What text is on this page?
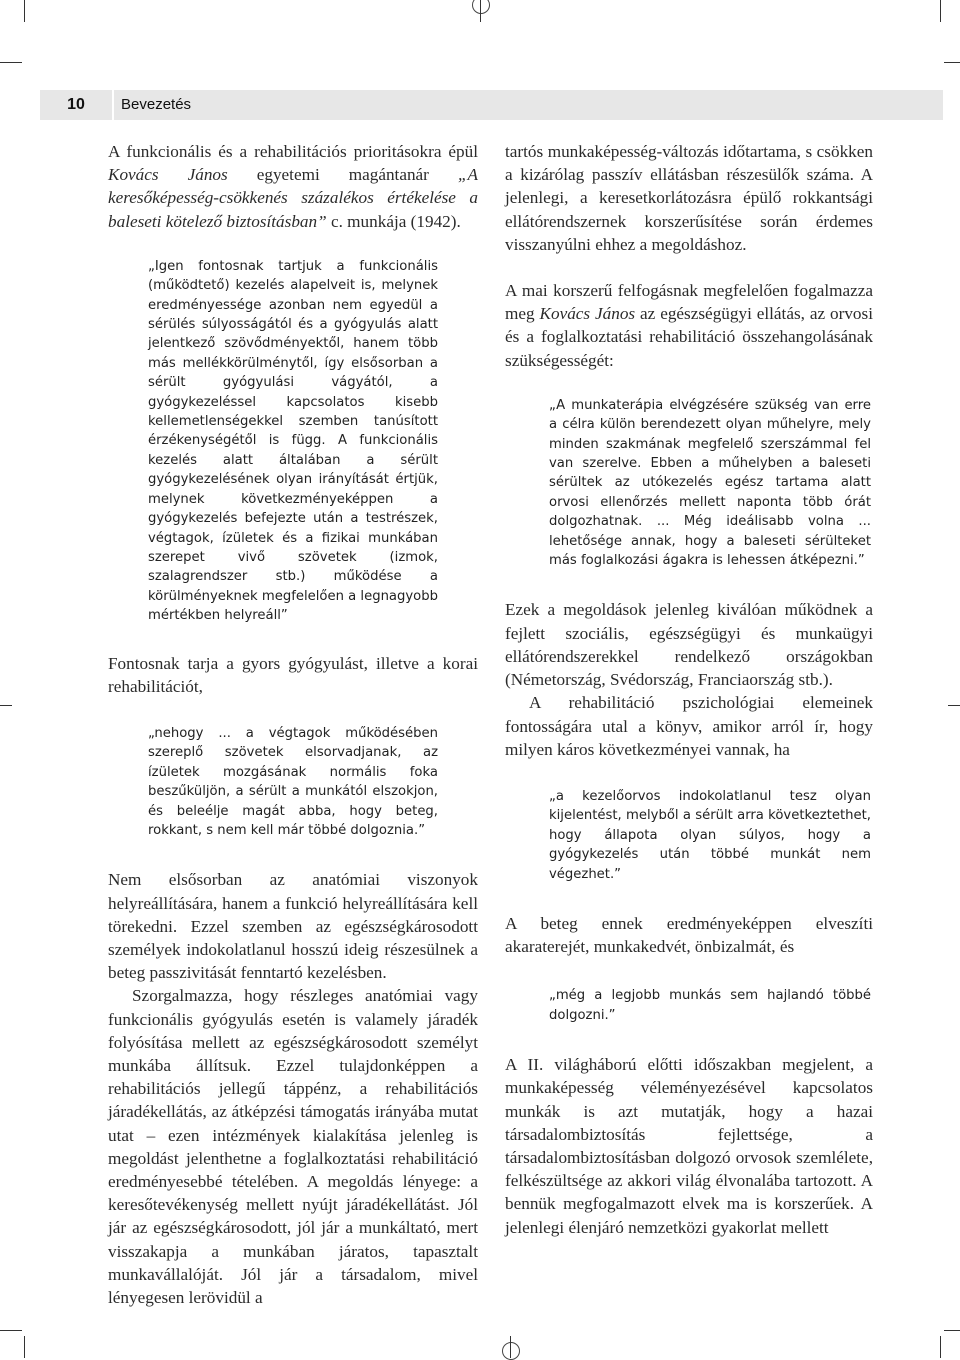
10	Bevezetés

A funkcionális és a rehabilitációs prioritásokra épül Kovács János egyetemi magántanár „A keresőképesség-csökkenés százalékos értékelése a baleseti kötelező biztosításban” c. munkája (1942).

„Igen fontosnak tartjuk a funkcionális (működtető) kezelés alapelveit is, melynek eredményessége azonban nem egyedül a sérülés súlyosságától és a gyógyulás alatt jelentkező szövődményektől, hanem több más mellékkörülménytől, így elsősorban a sérült gyógyulási vágyától, a gyógykezeléssel kapcsolatos kisebb kellemetlenségekkel szemben tanúsított érzékenységétől is függ. A funkcionális kezelés alatt általában a sérült gyógykezelésének olyan irányítását értjük, melynek következményeképpen a gyógykezelés befejezte után a testrészek, végtagok, ízületek és a fizikai munkában szerepet vivő szövetek (izmok, szalagrendszer stb.) működése a körülményeknek megfelelően a legnagyobb mértékben helyreáll”

Fontosnak tarja a gyors gyógyulást, illetve a korai rehabilitációt,

„nehogy ... a végtagok működésében szereplő szövetek elsorvadjanak, az ízületek mozgásának normális foka beszűküljön, a sérült a munkától elszokjon, és beleélje magát abba, hogy beteg, rokkant, s nem kell már többé dolgoznia.”

Nem elsősorban az anatómiai viszonyok helyreállítására, hanem a funkció helyreállítására kell törekedni. Ezzel szemben az egészségkárosodott személyek indokolatlanul hosszú ideig részesülnek a beteg passzivitását fenntartó kezelésben.

Szorgalmazza, hogy részleges anatómiai vagy funkcionális gyógyulás esetén is valamely járadék folyósítása mellett az egészségkárosodott személyt munkába állítsuk. Ezzel tulajdonképpen a rehabilitációs jellegű táppénz, a rehabilitációs járadékellátás, az átképzési támogatás irányába mutat utat – ezen intézmények kialakítása jelenleg is megoldást jelenthetne a foglalkoztatási rehabilitáció eredményesebbé tételében. A megoldás lényege: a keresőtevékenység mellett nyújt járadékellátást. Jól jár az egészségkárosodott, jól jár a munkáltató, mert visszakapja a munkában járatos, tapasztalt munkavállalóját. Jól jár a társadalom, mivel lényegesen lerövidül a

tartós munkaképesség-változás időtartama, s csökken a kizárólag passzív ellátásban részesülők száma. A jelenlegi, a keresetkorlátozásra épülő rokkantsági ellátórendszernek korszerűsítése során érdemes visszanyúlni ehhez a megoldáshoz.

A mai korszerű felfogásnak megfelelően fogalmazza meg Kovács János az egészségügyi ellátás, az orvosi és a foglalkoztatási rehabilitáció összehangolásának szükségességét:

„A munkaterápia elvégzésére szükség van erre a célra külön berendezett olyan műhelyre, mely minden szakmának megfelelő szerszámmal fel van szerelve. Ebben a műhelyben a baleseti sérültek az utókezelés egész tartama alatt orvosi ellenőrzés mellett naponta több órát dolgozhatnak. ... Még ideálisabb volna ... lehetősége annak, hogy a baleseti sérülteket más foglalkozási ágakra is lehessen átképezni.”

Ezek a megoldások jelenleg kiválóan működnek a fejlett szociális, egészségügyi és munkaügyi ellátórendszerekkel rendelkező országokban (Németország, Svédország, Franciaország stb.).

A rehabilitáció pszichológiai elemeinek fontosságára utal a könyv, amikor arról ír, hogy milyen káros következményei vannak, ha

„a kezelőorvos indokolatlanul tesz olyan kijelentést, melyből a sérült arra következtethet, hogy állapota olyan súlyos, hogy a gyógykezelés után többé munkát nem végezhet.”

A beteg ennek eredményeképpen elveszíti akaraterejét, munkakedvét, önbizalmát, és

„még a legjobb munkás sem hajlandó többé dolgozni.”

A II. világháború előtti időszakban megjelent, a munkaképesség véleményezésével kapcsolatos munkák is azt mutatják, hogy a hazai társadalombiztosítás fejlettsége, a társadalombiztosításban dolgozó orvosok szemlélete, felkészültsége az akkori világ élvonalába tartozott. A bennük megfogalmazott elvek ma is korszerűek. A jelenlegi élenjáró nemzetközi gyakorlat mellett
